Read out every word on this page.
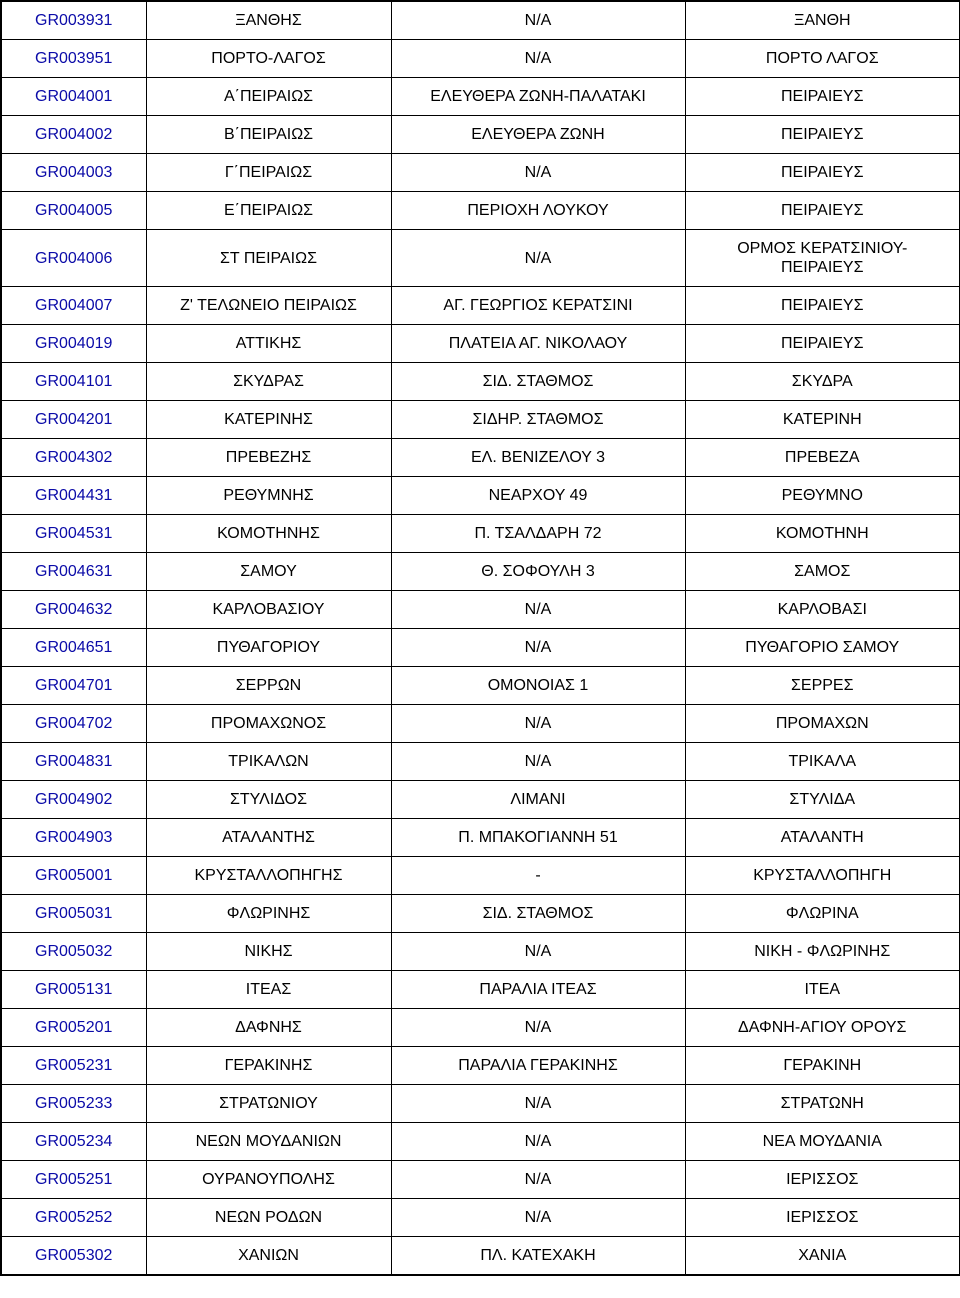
GR003931	ΞΑΝΘΗΣ	N/A	ΞΑΝΘΗ
GR003951	ΠΟΡΤΟ-ΛΑΓΟΣ	N/A	ΠΟΡΤΟ ΛΑΓΟΣ
GR004001	Α΄ΠΕΙΡΑΙΩΣ	ΕΛΕΥΘΕΡΑ ΖΩΝΗ-ΠΑΛΑΤΑΚΙ	ΠΕΙΡΑΙΕΥΣ
GR004002	Β΄ΠΕΙΡΑΙΩΣ	ΕΛΕΥΘΕΡΑ ΖΩΝΗ	ΠΕΙΡΑΙΕΥΣ
GR004003	Γ΄ΠΕΙΡΑΙΩΣ	N/A	ΠΕΙΡΑΙΕΥΣ
GR004005	Ε΄ΠΕΙΡΑΙΩΣ	ΠΕΡΙΟΧΗ ΛΟΥΚΟΥ	ΠΕΙΡΑΙΕΥΣ
GR004006	ΣΤ ΠΕΙΡΑΙΩΣ	N/A	ΟΡΜΟΣ ΚΕΡΑΤΣΙΝΙΟΥ-ΠΕΙΡΑΙΕΥΣ
GR004007	Ζ' ΤΕΛΩΝΕΙΟ ΠΕΙΡΑΙΩΣ	ΑΓ. ΓΕΩΡΓΙΟΣ ΚΕΡΑΤΣΙΝΙ	ΠΕΙΡΑΙΕΥΣ
GR004019	ΑΤΤΙΚΗΣ	ΠΛΑΤΕΙΑ ΑΓ. ΝΙΚΟΛΑΟΥ	ΠΕΙΡΑΙΕΥΣ
GR004101	ΣΚΥΔΡΑΣ	ΣΙΔ. ΣΤΑΘΜΟΣ	ΣΚΥΔΡΑ
GR004201	ΚΑΤΕΡΙΝΗΣ	ΣΙΔΗΡ. ΣΤΑΘΜΟΣ	ΚΑΤΕΡΙΝΗ
GR004302	ΠΡΕΒΕΖΗΣ	ΕΛ. ΒΕΝΙΖΕΛΟΥ 3	ΠΡΕΒΕΖΑ
GR004431	ΡΕΘΥΜΝΗΣ	ΝΕΑΡΧΟΥ 49	ΡΕΘΥΜΝΟ
GR004531	ΚΟΜΟΤΗΝΗΣ	Π. ΤΣΑΛΔΑΡΗ 72	ΚΟΜΟΤΗΝΗ
GR004631	ΣΑΜΟΥ	Θ. ΣΟΦΟΥΛΗ 3	ΣΑΜΟΣ
GR004632	ΚΑΡΛΟΒΑΣΙΟΥ	N/A	ΚΑΡΛΟΒΑΣΙ
GR004651	ΠΥΘΑΓΟΡΙΟΥ	N/A	ΠΥΘΑΓΟΡΙΟ ΣΑΜΟΥ
GR004701	ΣΕΡΡΩΝ	ΟΜΟΝΟΙΑΣ 1	ΣΕΡΡΕΣ
GR004702	ΠΡΟΜΑΧΩΝΟΣ	N/A	ΠΡΟΜΑΧΩΝ
GR004831	ΤΡΙΚΑΛΩΝ	N/A	ΤΡΙΚΑΛΑ
GR004902	ΣΤΥΛΙΔΟΣ	ΛΙΜΑΝΙ	ΣΤΥΛΙΔΑ
GR004903	ΑΤΑΛΑΝΤΗΣ	Π. ΜΠΑΚΟΓΙΑΝΝΗ 51	ΑΤΑΛΑΝΤΗ
GR005001	ΚΡΥΣΤΑΛΛΟΠΗΓΗΣ	-	ΚΡΥΣΤΑΛΛΟΠΗΓΗ
GR005031	ΦΛΩΡΙΝΗΣ	ΣΙΔ. ΣΤΑΘΜΟΣ	ΦΛΩΡΙΝΑ
GR005032	ΝΙΚΗΣ	N/A	ΝΙΚΗ - ΦΛΩΡΙΝΗΣ
GR005131	ΙΤΕΑΣ	ΠΑΡΑΛΙΑ ΙΤΕΑΣ	ΙΤΕΑ
GR005201	ΔΑΦΝΗΣ	N/A	ΔΑΦΝΗ-ΑΓΙΟΥ ΟΡΟΥΣ
GR005231	ΓΕΡΑΚΙΝΗΣ	ΠΑΡΑΛΙΑ ΓΕΡΑΚΙΝΗΣ	ΓΕΡΑΚΙΝΗ
GR005233	ΣΤΡΑΤΩΝΙΟΥ	N/A	ΣΤΡΑΤΩΝΗ
GR005234	ΝΕΩΝ ΜΟΥΔΑΝΙΩΝ	N/A	ΝΕΑ ΜΟΥΔΑΝΙΑ
GR005251	ΟΥΡΑΝΟΥΠΟΛΗΣ	N/A	ΙΕΡΙΣΣΟΣ
GR005252	ΝΕΩΝ ΡΟΔΩΝ	N/A	ΙΕΡΙΣΣΟΣ
GR005302	ΧΑΝΙΩΝ	ΠΛ. ΚΑΤΕΧΑΚΗ	ΧΑΝΙΑ
